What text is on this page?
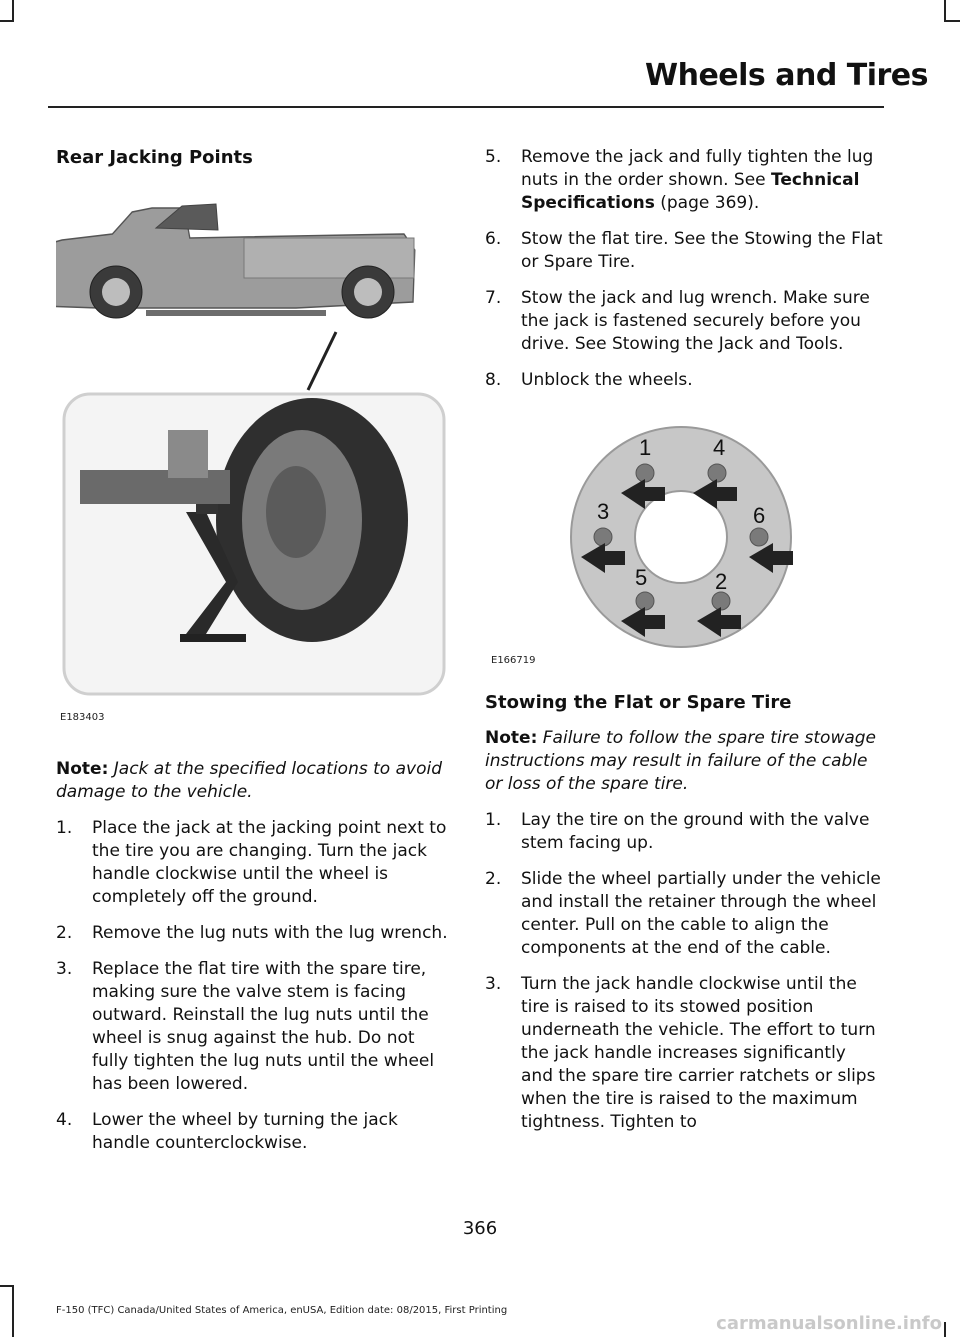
Wheels and Tires
Rear Jacking Points
E183403

Note: Jack at the specified locations to avoid damage to the vehicle.

1. Place the jack at the jacking point next to the tire you are changing. Turn the jack handle clockwise until the wheel is completely off the ground.
2. Remove the lug nuts with the lug wrench.
3. Replace the flat tire with the spare tire, making sure the valve stem is facing outward. Reinstall the lug nuts until the wheel is snug against the hub. Do not fully tighten the lug nuts until the wheel has been lowered.
4. Lower the wheel by turning the jack handle counterclockwise.
5. Remove the jack and fully tighten the lug nuts in the order shown. See Technical Specifications (page 369).
6. Stow the flat tire. See the Stowing the Flat or Spare Tire.
7. Stow the jack and lug wrench. Make sure the jack is fastened securely before you drive. See Stowing the Jack and Tools.
8. Unblock the wheels.
1	4
3	6
5	2
E166719
Stowing the Flat or Spare Tire

Note: Failure to follow the spare tire stowage instructions may result in failure of the cable or loss of the spare tire.

1. Lay the tire on the ground with the valve stem facing up.
2. Slide the wheel partially under the vehicle and install the retainer through the wheel center. Pull on the cable to align the components at the end of the cable.
3. Turn the jack handle clockwise until the tire is raised to its stowed position underneath the vehicle. The effort to turn the jack handle increases significantly and the spare tire carrier ratchets or slips when the tire is raised to the maximum tightness. Tighten to
366
F-150 (TFC) Canada/United States of America, enUSA, Edition date: 08/2015, First Printing
carmanualsonline.info
